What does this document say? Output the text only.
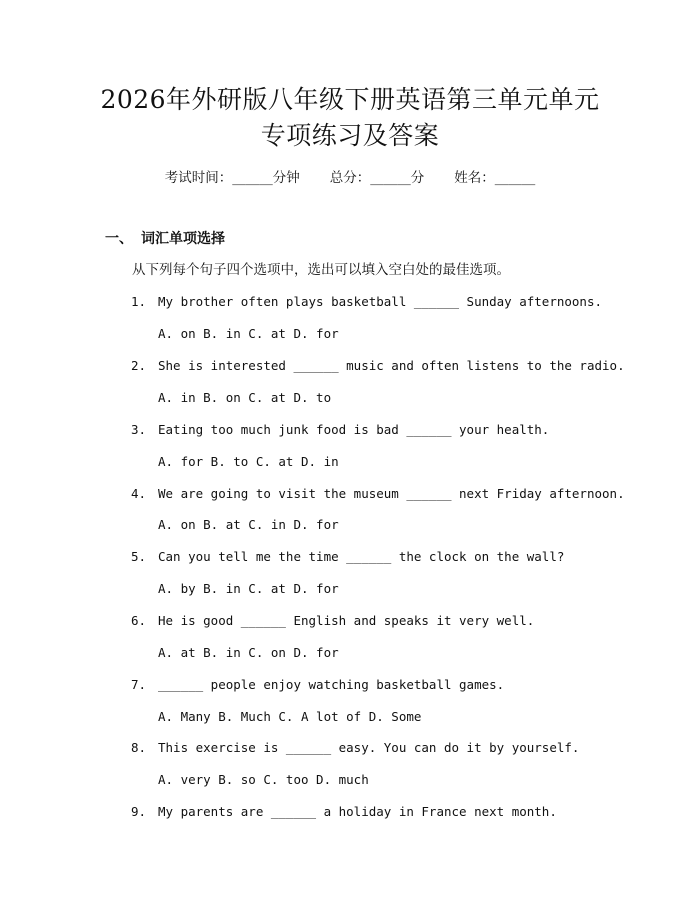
2026年外研版八年级下册英语第三单元单元
专项练习及答案
考试时间：______分钟 总分：______分 姓名：______
一、 词汇单项选择
从下列每个句子四个选项中，选出可以填入空白处的最佳选项。
1. My brother often plays basketball ______ Sunday afternoons.
A. on B. in C. at D. for
2. She is interested ______ music and often listens to the radio.
A. in B. on C. at D. to
3. Eating too much junk food is bad ______ your health.
A. for B. to C. at D. in
4. We are going to visit the museum ______ next Friday afternoon.
A. on B. at C. in D. for
5. Can you tell me the time ______ the clock on the wall?
A. by B. in C. at D. for
6. He is good ______ English and speaks it very well.
A. at B. in C. on D. for
7. ______ people enjoy watching basketball games.
A. Many B. Much C. A lot of D. Some
8. This exercise is ______ easy. You can do it by yourself.
A. very B. so C. too D. much
9. My parents are ______ a holiday in France next month.
